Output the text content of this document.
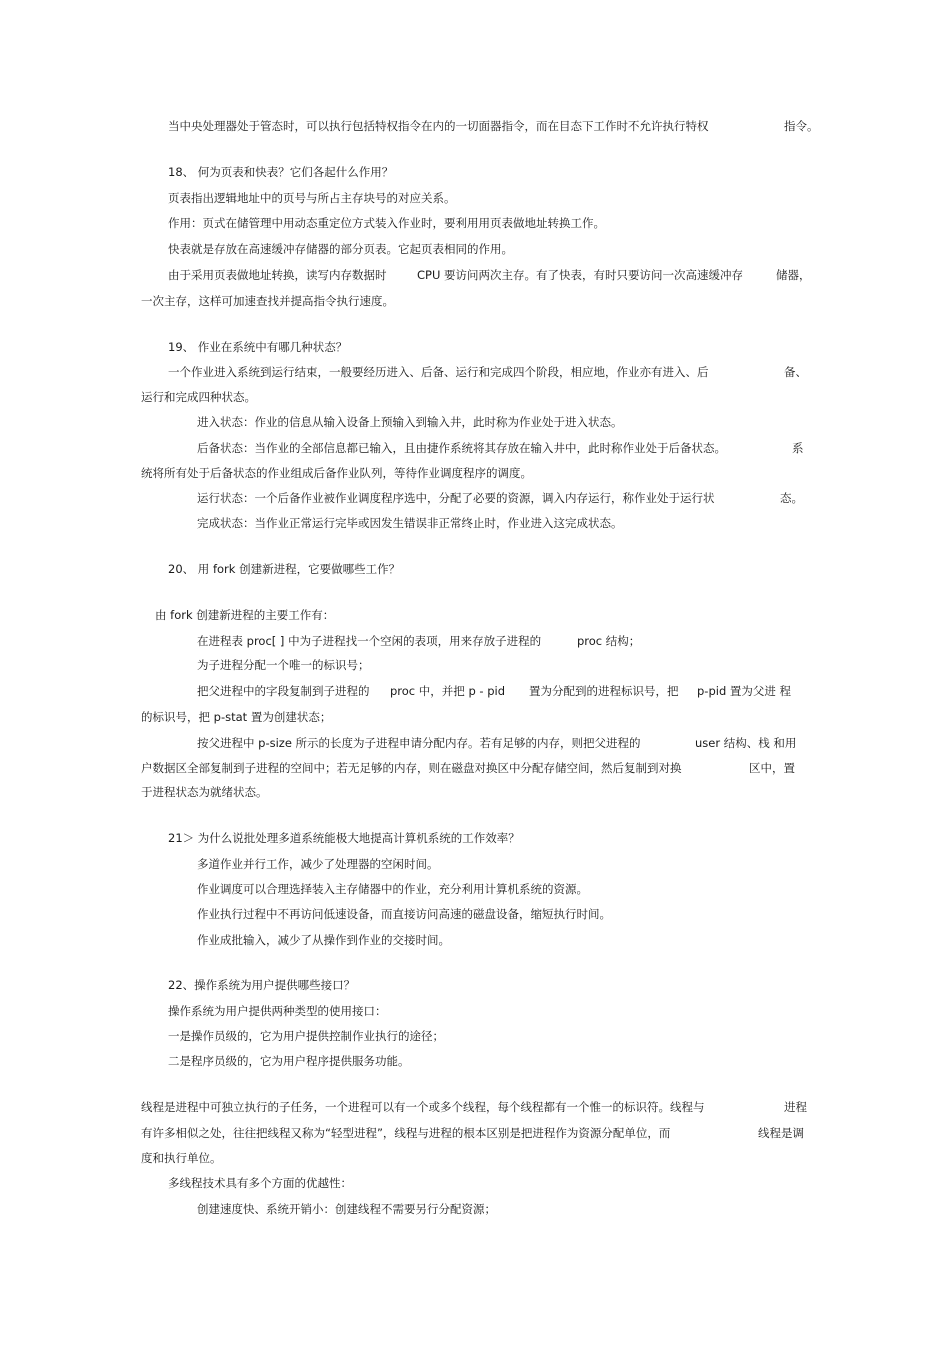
当中央处理器处于管态时，可以执行包括特权指令在内的一切面器指令，而在目态下工作时不允许执行特权	指令。
18、 何为页表和快表？它们各起什么作用？
页表指出逻辑地址中的页号与所占主存块号的对应关系。
作用：页式在储管理中用动态重定位方式装入作业时，要利用用页表做地址转换工作。
快表就是存放在高速缓冲存储器的部分页表。它起页表相同的作用。
由于采用页表做地址转换，读写内存数据时	CPU 要访问两次主存。有了快表，有时只要访问一次高速缓冲存	储器，
一次主存，这样可加速查找并提高指令执行速度。
19、 作业在系统中有哪几种状态？
一个作业进入系统到运行结束，一般要经历进入、后备、运行和完成四个阶段，相应地，作业亦有进入、后	备、
运行和完成四种状态。
进入状态：作业的信息从输入设备上预输入到输入井，此时称为作业处于进入状态。
后备状态：当作业的全部信息都已输入，且由捷作系统将其存放在输入井中，此时称作业处于后备状态。	系
统将所有处于后备状态的作业组成后备作业队列，等待作业调度程序的调度。
运行状态：一个后备作业被作业调度程序选中，分配了必要的资源，调入内存运行，称作业处于运行状	态。
完成状态：当作业正常运行完毕或因发生错误非正常终止时，作业进入这完成状态。
20、 用 fork 创建新进程，它要做哪些工作？
由 fork 创建新进程的主要工作有：
在进程表 proc[ ] 中为子进程找一个空闲的表项，用来存放子进程的	proc 结构；
为子进程分配一个唯一的标识号；
把父进程中的字段复制到子进程的 proc 中，并把 p - pid 置为分配到的进程标识号，把 p-pid 置为父进 程
的标识号，把 p-stat 置为创建状态；
按父进程中 p-size 所示的长度为子进程申请分配内存。若有足够的内存，则把父进程的	user 结构、栈 和用
户数据区全部复制到子进程的空间中；若无足够的内存，则在磁盘对换区中分配存储空间，然后复制到对换	区中，置
于进程状态为就绪状态。
21＞ 为什么说批处理多道系统能极大地提高计算机系统的工作效率？
多道作业并行工作，减少了处理器的空闲时间。
作业调度可以合理选择装入主存储器中的作业，充分利用计算机系统的资源。
作业执行过程中不再访问低速设备，而直接访问高速的磁盘设备，缩短执行时间。
作业成批输入，减少了从操作到作业的交接时间。
22、操作系统为用户提供哪些接口？
操作系统为用户提供两种类型的使用接口：
一是操作员级的，它为用户提供控制作业执行的途径；
二是程序员级的，它为用户程序提供服务功能。
线程是进程中可独立执行的子任务，一个进程可以有一个或多个线程，每个线程都有一个惟一的标识符。线程与	进程
有许多相似之处，往往把线程又称为“轻型进程”，线程与进程的根本区别是把进程作为资源分配单位，而	线程是调
度和执行单位。
多线程技术具有多个方面的优越性：
创建速度快、系统开销小：创建线程不需要另行分配资源；
